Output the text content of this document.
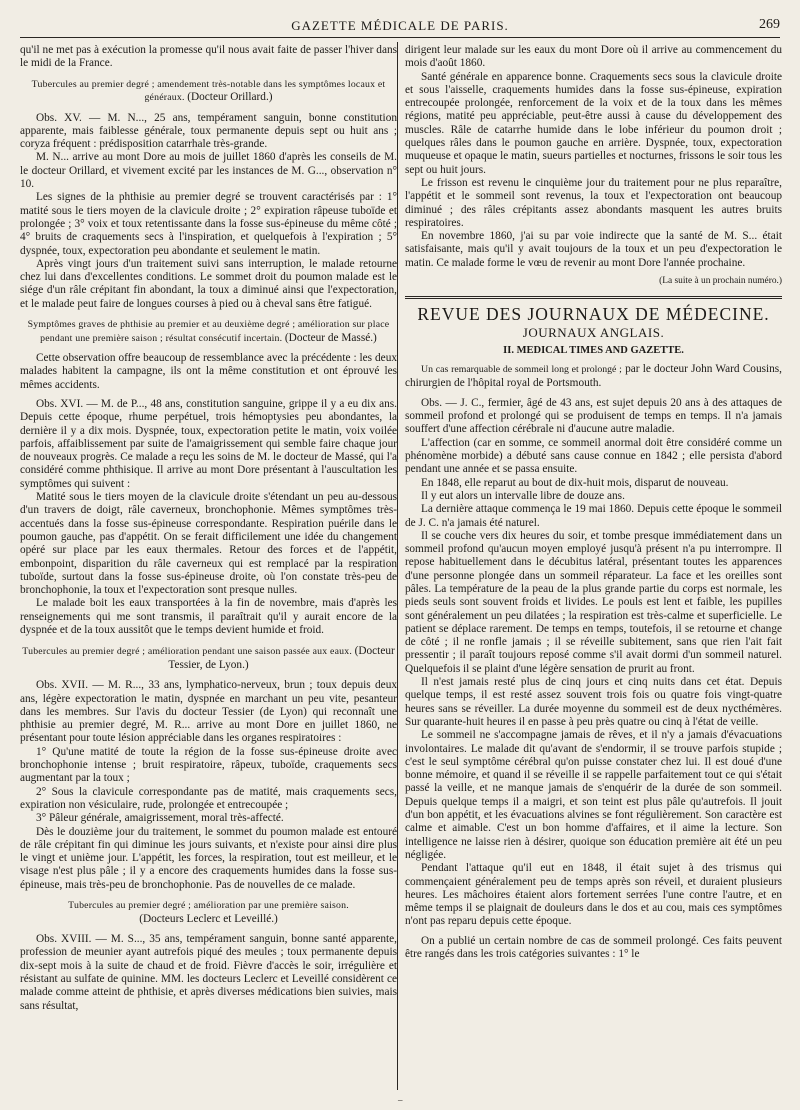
GAZETTE MÉDICALE DE PARIS.	269

qu'il ne met pas à exécution la promesse qu'il nous avait faite de passer l'hiver dans le midi de la France.

Tubercules au premier degré ; amendement très-notable dans les symptômes locaux et généraux. (Docteur Orillard.)

Obs. XV. — M. N..., 25 ans, tempérament sanguin, bonne constitution apparente, mais faiblesse générale, toux permanente depuis sept ou huit ans ; coryza fréquent : prédisposition catarrhale très-grande.

M. N... arrive au mont Dore au mois de juillet 1860 d'après les conseils de M. le docteur Orillard, et vivement excité par les instances de M. G..., observation n° 10.

Les signes de la phthisie au premier degré se trouvent caractérisés par : 1° matité sous le tiers moyen de la clavicule droite ; 2° expiration râpeuse tuboïde et prolongée ; 3° voix et toux retentissante dans la fosse sus-épineuse du même côté ; 4° bruits de craquements secs à l'inspiration, et quelquefois à l'expiration ; 5° dyspnée, toux, expectoration peu abondante et seulement le matin.

Après vingt jours d'un traitement suivi sans interruption, le malade retourne chez lui dans d'excellentes conditions. Le sommet droit du poumon malade est le siége d'un râle crépitant fin abondant, la toux a diminué ainsi que l'expectoration, et le malade peut faire de longues courses à pied ou à cheval sans être fatigué.

Symptômes graves de phthisie au premier et au deuxième degré ; amélioration sur place pendant une première saison ; résultat consécutif incertain. (Docteur de Massé.)

Cette observation offre beaucoup de ressemblance avec la précédente : les deux malades habitent la campagne, ils ont la même constitution et ont éprouvé les mêmes accidents.

Obs. XVI. — M. de P..., 48 ans, constitution sanguine, grippe il y a eu dix ans. Depuis cette époque, rhume perpétuel, trois hémoptysies peu abondantes, la dernière il y a dix mois. Dyspnée, toux, expectoration petite le matin, voix voilée parfois, affaiblissement par suite de l'amaigrissement qui semble faire chaque jour de nouveaux progrès. Ce malade a reçu les soins de M. le docteur de Massé, qui l'a considéré comme phthisique. Il arrive au mont Dore présentant à l'auscultation les symptômes qui suivent :

Matité sous le tiers moyen de la clavicule droite s'étendant un peu au-dessous d'un travers de doigt, râle caverneux, bronchophonie. Mêmes symptômes très-accentués dans la fosse sus-épineuse correspondante. Respiration puérile dans le poumon gauche, pas d'appétit. On se ferait difficilement une idée du changement opéré sur place par les eaux thermales. Retour des forces et de l'appétit, embonpoint, disparition du râle caverneux qui est remplacé par la respiration tuboïde, surtout dans la fosse sus-épineuse droite, où l'on constate très-peu de bronchophonie, la toux et l'expectoration sont presque nulles.

Le malade boit les eaux transportées à la fin de novembre, mais d'après les renseignements qui me sont transmis, il paraîtrait qu'il y aurait encore de la dyspnée et de la toux aussitôt que le temps devient humide et froid.

Tubercules au premier degré ; amélioration pendant une saison passée aux eaux. (Docteur Tessier, de Lyon.)

Obs. XVII. — M. R..., 33 ans, lymphatico-nerveux, brun ; toux depuis deux ans, légère expectoration le matin, dyspnée en marchant un peu vite, pesanteur dans les membres. Sur l'avis du docteur Tessier (de Lyon) qui reconnaît une phthisie au premier degré, M. R... arrive au mont Dore en juillet 1860, ne présentant pour toute lésion appréciable dans les organes respiratoires :

1° Qu'une matité de toute la région de la fosse sus-épineuse droite avec bronchophonie intense ; bruit respiratoire, râpeux, tuboïde, craquements secs augmentant par la toux ;

2° Sous la clavicule correspondante pas de matité, mais craquements secs, expiration non vésiculaire, rude, prolongée et entrecoupée ;

3° Pâleur générale, amaigrissement, moral très-affecté.

Dès le douzième jour du traitement, le sommet du poumon malade est entouré de râle crépitant fin qui diminue les jours suivants, et n'existe pour ainsi dire plus le vingt et unième jour. L'appétit, les forces, la respiration, tout est meilleur, et le visage n'est plus pâle ; il y a encore des craquements humides dans la fosse sus-épineuse, mais très-peu de bronchophonie. Pas de nouvelles de ce malade.

Tubercules au premier degré ; amélioration par une première saison.
(Docteurs Leclerc et Leveillé.)

Obs. XVIII. — M. S..., 35 ans, tempérament sanguin, bonne santé apparente, profession de meunier ayant autrefois piqué des meules ; toux permanente depuis dix-sept mois à la suite de chaud et de froid. Fièvre d'accès le soir, irrégulière et résistant au sulfate de quinine. MM. les docteurs Leclerc et Leveillé considèrent ce malade comme atteint de phthisie, et après diverses médications bien suivies, mais sans résultat,

dirigent leur malade sur les eaux du mont Dore où il arrive au commencement du mois d'août 1860.

Santé générale en apparence bonne. Craquements secs sous la clavicule droite et sous l'aisselle, craquements humides dans la fosse sus-épineuse, expiration entrecoupée prolongée, renforcement de la voix et de la toux dans les mêmes régions, matité peu appréciable, peut-être aussi à cause du développement des muscles. Râle de catarrhe humide dans le lobe inférieur du poumon droit ; quelques râles dans le poumon gauche en arrière. Dyspnée, toux, expectoration muqueuse et opaque le matin, sueurs partielles et nocturnes, frissons le soir tous les sept ou huit jours.

Le frisson est revenu le cinquième jour du traitement pour ne plus reparaître, l'appétit et le sommeil sont revenus, la toux et l'expectoration ont beaucoup diminué ; des râles crépitants assez abondants masquent les autres bruits respiratoires.

En novembre 1860, j'ai su par voie indirecte que la santé de M. S... était satisfaisante, mais qu'il y avait toujours de la toux et un peu d'expectoration le matin. Ce malade forme le vœu de revenir au mont Dore l'année prochaine.

(La suite à un prochain numéro.)

REVUE DES JOURNAUX DE MÉDECINE.

JOURNAUX ANGLAIS.

II. MEDICAL TIMES AND GAZETTE.

Un cas remarquable de sommeil long et prolongé ; par le docteur John Ward Cousins, chirurgien de l'hôpital royal de Portsmouth.

Obs. — J. C., fermier, âgé de 43 ans, est sujet depuis 20 ans à des attaques de sommeil profond et prolongé qui se produisent de temps en temps. Il n'a jamais souffert d'une affection cérébrale ni d'aucune autre maladie.

L'affection (car en somme, ce sommeil anormal doit être considéré comme un phénomène morbide) a débuté sans cause connue en 1842 ; elle persista d'abord pendant une année et se passa ensuite.

En 1848, elle reparut au bout de dix-huit mois, disparut de nouveau.

Il y eut alors un intervalle libre de douze ans.

La dernière attaque commença le 19 mai 1860. Depuis cette époque le sommeil de J. C. n'a jamais été naturel.

Il se couche vers dix heures du soir, et tombe presque immédiatement dans un sommeil profond qu'aucun moyen employé jusqu'à présent n'a pu interrompre. Il repose habituellement dans le décubitus latéral, présentant toutes les apparences d'une personne plongée dans un sommeil réparateur. La face et les oreilles sont pâles. La température de la peau de la plus grande partie du corps est normale, les pieds seuls sont souvent froids et livides. Le pouls est lent et faible, les pupilles sont généralement un peu dilatées ; la respiration est très-calme et superficielle. Le patient se déplace rarement. De temps en temps, toutefois, il se retourne et change de côté ; il ne ronfle jamais ; il se réveille subitement, sans que rien l'ait fait pressentir ; il paraît toujours reposé comme s'il avait dormi d'un sommeil naturel. Quelquefois il se plaint d'une légère sensation de prurit au front.

Il n'est jamais resté plus de cinq jours et cinq nuits dans cet état. Depuis quelque temps, il est resté assez souvent trois fois ou quatre fois vingt-quatre heures sans se réveiller. La durée moyenne du sommeil est de deux nycthémères. Sur quarante-huit heures il en passe à peu près quatre ou cinq à l'état de veille.

Le sommeil ne s'accompagne jamais de rêves, et il n'y a jamais d'évacuations involontaires. Le malade dit qu'avant de s'endormir, il se trouve parfois stupide ; c'est le seul symptôme cérébral qu'on puisse constater chez lui. Il est doué d'une bonne mémoire, et quand il se réveille il se rappelle parfaitement tout ce qui s'était passé la veille, et ne manque jamais de s'enquérir de la durée de son sommeil. Depuis quelque temps il a maigri, et son teint est plus pâle qu'autrefois. Il jouit d'un bon appétit, et les évacuations alvines se font régulièrement. Son caractère est calme et aimable. C'est un bon homme d'affaires, et il aime la lecture. Son intelligence ne laisse rien à désirer, quoique son éducation première ait été un peu négligée.

Pendant l'attaque qu'il eut en 1848, il était sujet à des trismus qui commençaient généralement peu de temps après son réveil, et duraient plusieurs heures. Les mâchoires étaient alors fortement serrées l'une contre l'autre, et en même temps il se plaignait de douleurs dans le dos et au cou, mais ces symptômes n'ont pas reparu depuis cette époque.

On a publié un certain nombre de cas de sommeil prolongé. Ces faits peuvent être rangés dans les trois catégories suivantes : 1° le

–
